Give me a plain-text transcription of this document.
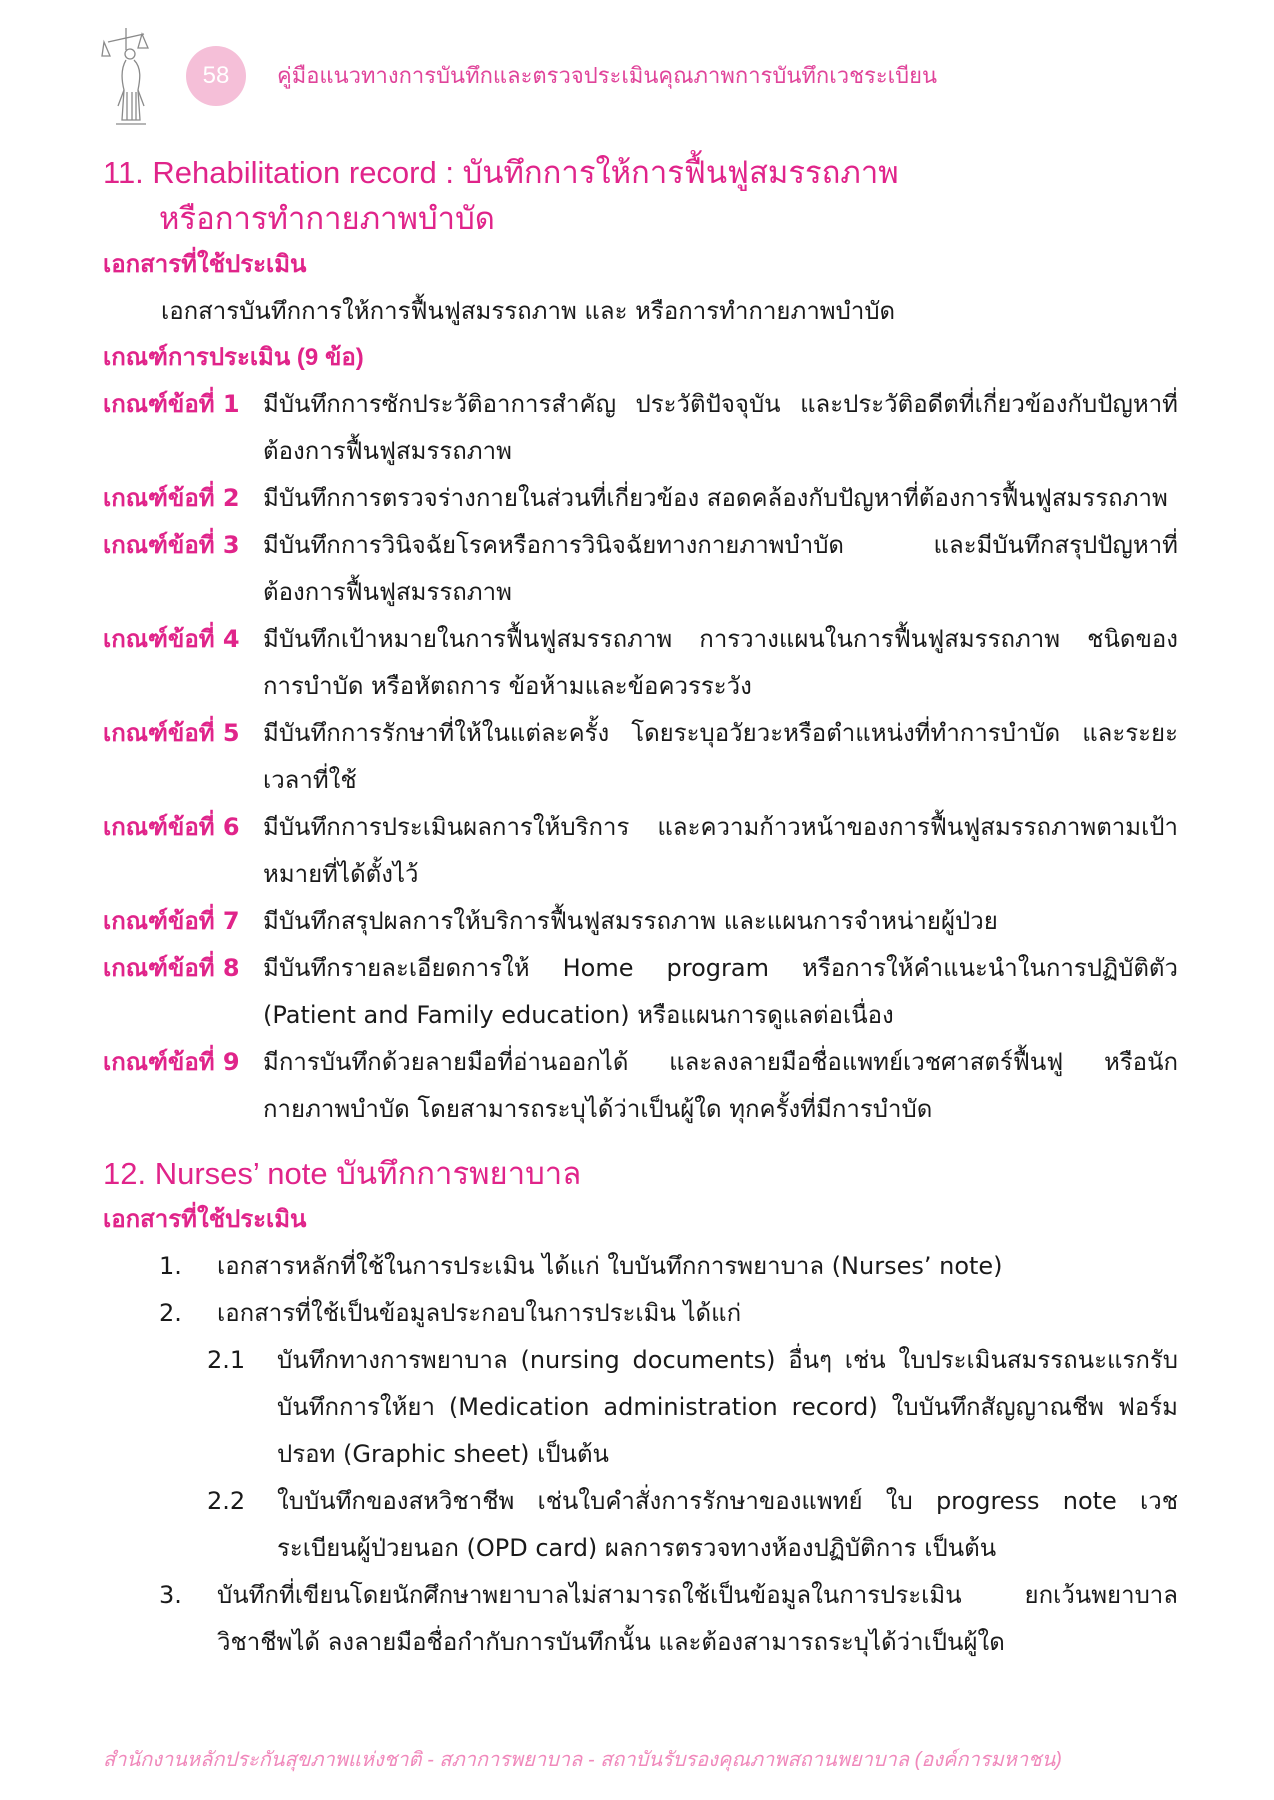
58	คู่มือแนวทางการบันทึกและตรวจประเมินคุณภาพการบันทึกเวชระเบียน
11. Rehabilitation record : บันทึกการให้การฟื้นฟูสมรรถภาพ
หรือการทำกายภาพบำบัด

เอกสารที่ใช้ประเมิน

เอกสารบันทึกการให้การฟื้นฟูสมรรถภาพ และ หรือการทำกายภาพบำบัด

เกณฑ์การประเมิน (9 ข้อ)

เกณฑ์ข้อที่ 1 มีบันทึกการซักประวัติอาการสำคัญ ประวัติปัจจุบัน และประวัติอดีตที่เกี่ยวข้องกับปัญหาที่ต้องการฟื้นฟูสมรรถภาพ
เกณฑ์ข้อที่ 2 มีบันทึกการตรวจร่างกายในส่วนที่เกี่ยวข้อง สอดคล้องกับปัญหาที่ต้องการฟื้นฟูสมรรถภาพ
เกณฑ์ข้อที่ 3 มีบันทึกการวินิจฉัยโรคหรือการวินิจฉัยทางกายภาพบำบัด และมีบันทึกสรุปปัญหาที่ต้องการฟื้นฟูสมรรถภาพ
เกณฑ์ข้อที่ 4 มีบันทึกเป้าหมายในการฟื้นฟูสมรรถภาพ การวางแผนในการฟื้นฟูสมรรถภาพ ชนิดของการบำบัด หรือหัตถการ ข้อห้ามและข้อควรระวัง
เกณฑ์ข้อที่ 5 มีบันทึกการรักษาที่ให้ในแต่ละครั้ง โดยระบุอวัยวะหรือตำแหน่งที่ทำการบำบัด และระยะเวลาที่ใช้
เกณฑ์ข้อที่ 6 มีบันทึกการประเมินผลการให้บริการ และความก้าวหน้าของการฟื้นฟูสมรรถภาพตามเป้าหมายที่ได้ตั้งไว้
เกณฑ์ข้อที่ 7 มีบันทึกสรุปผลการให้บริการฟื้นฟูสมรรถภาพ และแผนการจำหน่ายผู้ป่วย
เกณฑ์ข้อที่ 8 มีบันทึกรายละเอียดการให้ Home program หรือการให้คำแนะนำในการปฏิบัติตัว (Patient and Family education) หรือแผนการดูแลต่อเนื่อง
เกณฑ์ข้อที่ 9 มีการบันทึกด้วยลายมือที่อ่านออกได้ และลงลายมือชื่อแพทย์เวชศาสตร์ฟื้นฟู หรือนักกายภาพบำบัด โดยสามารถระบุได้ว่าเป็นผู้ใด ทุกครั้งที่มีการบำบัด
12. Nurses’ note บันทึกการพยาบาล

เอกสารที่ใช้ประเมิน

1.	เอกสารหลักที่ใช้ในการประเมิน ได้แก่ ใบบันทึกการพยาบาล (Nurses’ note)
2.	เอกสารที่ใช้เป็นข้อมูลประกอบในการประเมิน ได้แก่
2.1	บันทึกทางการพยาบาล (nursing documents) อื่นๆ เช่น ใบประเมินสมรรถนะแรกรับ บันทึกการให้ยา (Medication administration record) ใบบันทึกสัญญาณชีพ ฟอร์มปรอท (Graphic sheet) เป็นต้น
2.2	ใบบันทึกของสหวิชาชีพ เช่นใบคำสั่งการรักษาของแพทย์ ใบ progress note เวชระเบียนผู้ป่วยนอก (OPD card) ผลการตรวจทางห้องปฏิบัติการ เป็นต้น
3.	บันทึกที่เขียนโดยนักศึกษาพยาบาลไม่สามารถใช้เป็นข้อมูลในการประเมิน ยกเว้นพยาบาลวิชาชีพได้ ลงลายมือชื่อกำกับการบันทึกนั้น และต้องสามารถระบุได้ว่าเป็นผู้ใด
สำนักงานหลักประกันสุขภาพแห่งชาติ - สภาการพยาบาล - สถาบันรับรองคุณภาพสถานพยาบาล (องค์การมหาชน)
